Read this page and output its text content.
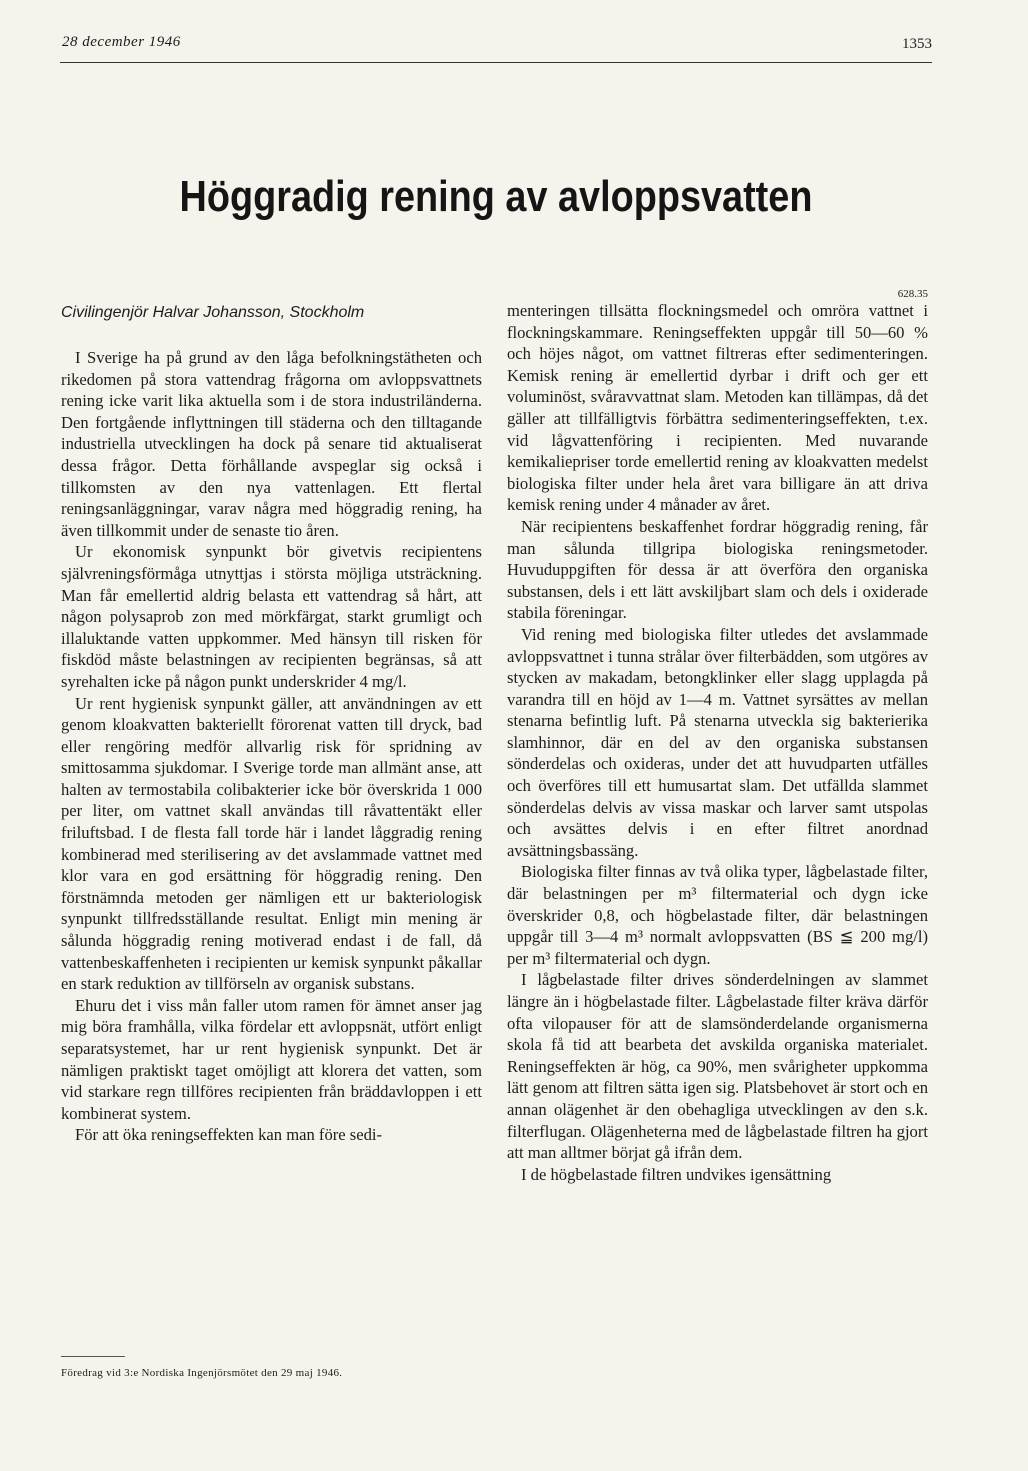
28 december 1946	1353
Höggradig rening av avloppsvatten
Civilingenjör Halvar Johansson, Stockholm

I Sverige ha på grund av den låga befolkningstätheten och rikedomen på stora vattendrag frågorna om avloppsvattnets rening icke varit lika aktuella som i de stora industriländerna. Den fortgående inflyttningen till städerna och den tilltagande industriella utvecklingen ha dock på senare tid aktualiserat dessa frågor. Detta förhållande avspeglar sig också i tillkomsten av den nya vattenlagen. Ett flertal reningsanläggningar, varav några med höggradig rening, ha även tillkommit under de senaste tio åren.

Ur ekonomisk synpunkt bör givetvis recipientens självreningsförmåga utnyttjas i största möjliga utsträckning. Man får emellertid aldrig belasta ett vattendrag så hårt, att någon polysaprob zon med mörkfärgat, starkt grumligt och illaluktande vatten uppkommer. Med hänsyn till risken för fiskdöd måste belastningen av recipienten begränsas, så att syrehalten icke på någon punkt underskrider 4 mg/l.

Ur rent hygienisk synpunkt gäller, att användningen av ett genom kloakvatten bakteriellt förorenat vatten till dryck, bad eller rengöring medför allvarlig risk för spridning av smittosamma sjukdomar. I Sverige torde man allmänt anse, att halten av termostabila colibakterier icke bör överskrida 1 000 per liter, om vattnet skall användas till råvattentäkt eller friluftsbad. I de flesta fall torde här i landet låggradig rening kombinerad med sterilisering av det avslammade vattnet med klor vara en god ersättning för höggradig rening. Den förstnämnda metoden ger nämligen ett ur bakteriologisk synpunkt tillfredsställande resultat. Enligt min mening är sålunda höggradig rening motiverad endast i de fall, då vattenbeskaffenheten i recipienten ur kemisk synpunkt påkallar en stark reduktion av tillförseln av organisk substans.

Ehuru det i viss mån faller utom ramen för ämnet anser jag mig böra framhålla, vilka fördelar ett avloppsnät, utfört enligt separatsystemet, har ur rent hygienisk synpunkt. Det är nämligen praktiskt taget omöjligt att klorera det vatten, som vid starkare regn tillföres recipienten från bräddavloppen i ett kombinerat system.

För att öka reningseffekten kan man före sedi-

628.35

menteringen tillsätta flockningsmedel och omröra vattnet i flockningskammare. Reningseffekten uppgår till 50—60 % och höjes något, om vattnet filtreras efter sedimenteringen. Kemisk rening är emellertid dyrbar i drift och ger ett voluminöst, svåravvattnat slam. Metoden kan tillämpas, då det gäller att tillfälligtvis förbättra sedimenteringseffekten, t.ex. vid lågvattenföring i recipienten. Med nuvarande kemikaliepriser torde emellertid rening av kloakvatten medelst biologiska filter under hela året vara billigare än att driva kemisk rening under 4 månader av året.

När recipientens beskaffenhet fordrar höggradig rening, får man sålunda tillgripa biologiska reningsmetoder. Huvuduppgiften för dessa är att överföra den organiska substansen, dels i ett lätt avskiljbart slam och dels i oxiderade stabila föreningar.

Vid rening med biologiska filter utledes det avslammade avloppsvattnet i tunna strålar över filterbädden, som utgöres av stycken av makadam, betongklinker eller slagg upplagda på varandra till en höjd av 1—4 m. Vattnet syrsättes av mellan stenarna befintlig luft. På stenarna utveckla sig bakterierika slamhinnor, där en del av den organiska substansen sönderdelas och oxideras, under det att huvudparten utfälles och överföres till ett humusartat slam. Det utfällda slammet sönderdelas delvis av vissa maskar och larver samt utspolas och avsättes delvis i en efter filtret anordnad avsättningsbassäng.

Biologiska filter finnas av två olika typer, lågbelastade filter, där belastningen per m³ filtermaterial och dygn icke överskrider 0,8, och högbelastade filter, där belastningen uppgår till 3—4 m³ normalt avloppsvatten (BS ≦ 200 mg/l) per m³ filtermaterial och dygn.

I lågbelastade filter drives sönderdelningen av slammet längre än i högbelastade filter. Lågbelastade filter kräva därför ofta vilopauser för att de slamsönderdelande organismerna skola få tid att bearbeta det avskilda organiska materialet. Reningseffekten är hög, ca 90%, men svårigheter uppkomma lätt genom att filtren sätta igen sig. Platsbehovet är stort och en annan olägenhet är den obehagliga utvecklingen av den s.k. filterflugan. Olägenheterna med de lågbelastade filtren ha gjort att man alltmer börjat gå ifrån dem.

I de högbelastade filtren undvikes igensättning

Föredrag vid 3:e Nordiska Ingenjörsmötet den 29 maj 1946.
